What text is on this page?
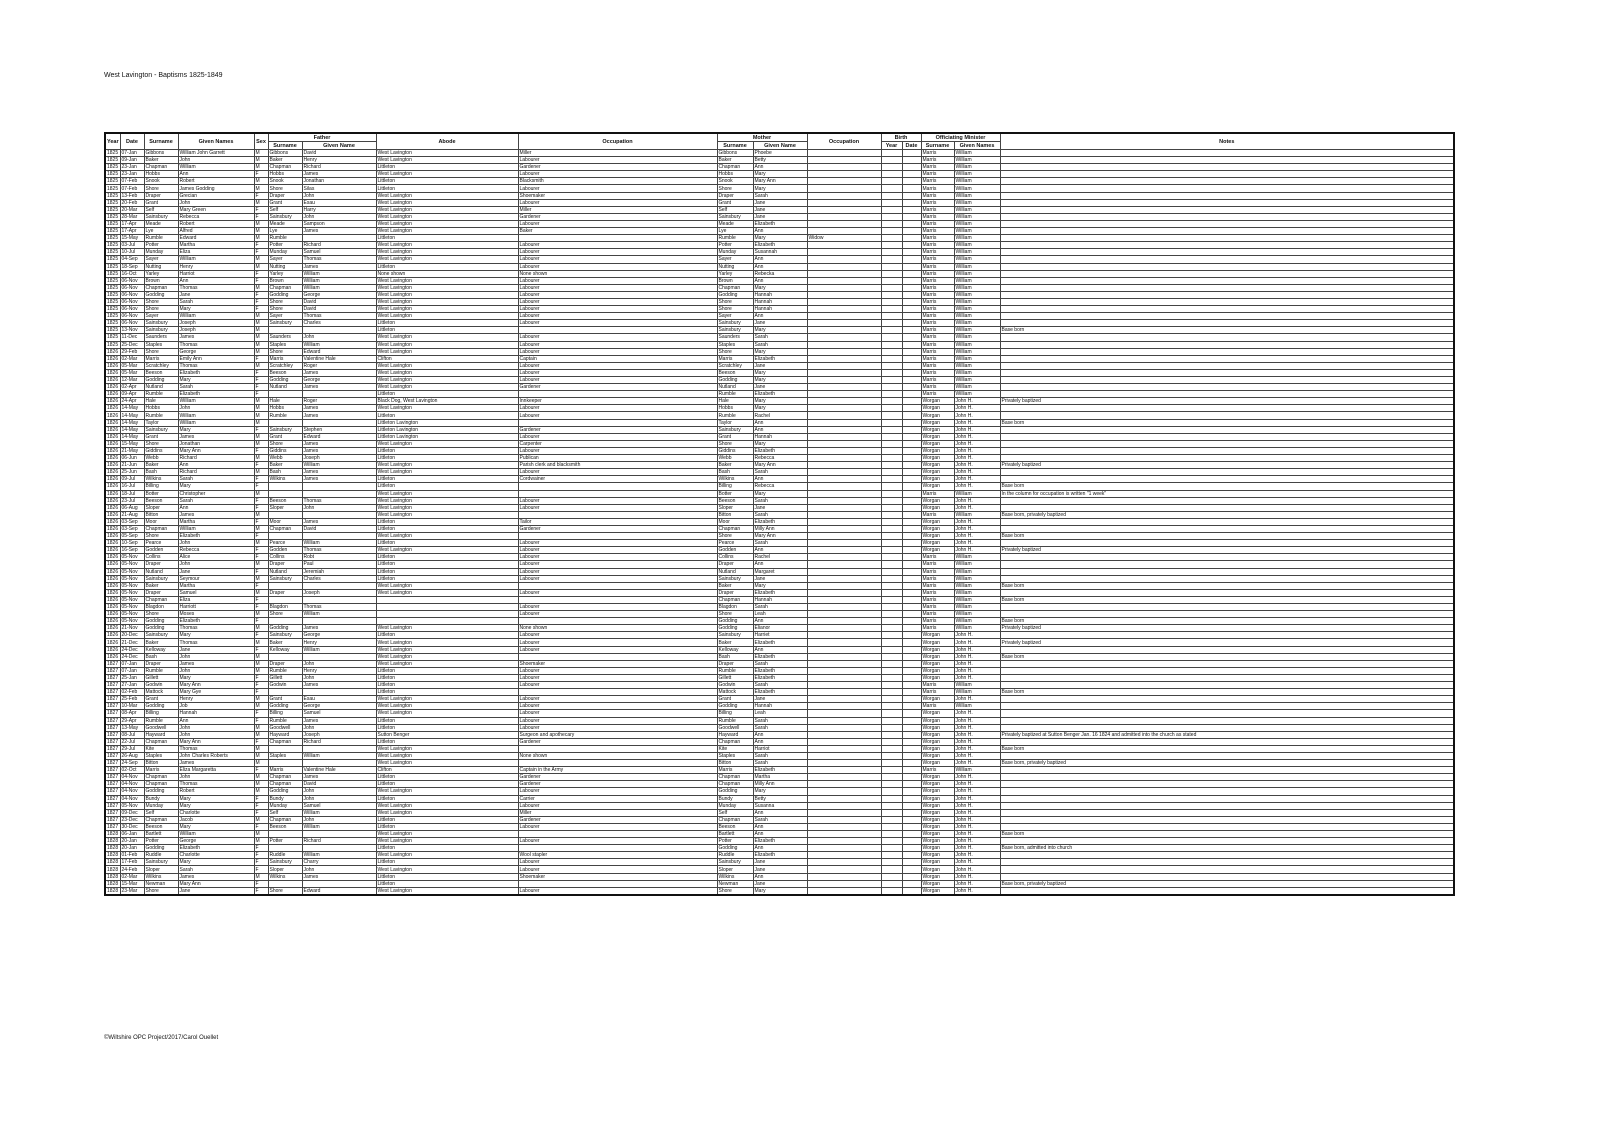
West Lavington - Baptisms 1825-1849
Year	Date	Surname	Given Names	Sex	Father		Abode	Occupation	Mother		Occupation	Birth		Officiating Minister		Notes
					Surname	Given Name			Surname	Given Name		Year	Date	Surname	Given Names	
1825	07-Jan	Gibbons	William John Garrett	M	Gibbons	David	West Lavington	Miller	Gibbons	Phoebe				Marris	William	
1825	09-Jan	Baker	John	M	Baker	Henry	West Lavington	Labourer	Baker	Betty				Marris	William	
1825	23-Jan	Chapman	William	M	Chapman	Richard	Littleton	Gardener	Chapman	Ann				Marris	William	
1825	23-Jan	Hobbs	Ann	F	Hobbs	James	West Lavington	Labourer	Hobbs	Mary				Marris	William	
1825	07-Feb	Snook	Robert	M	Snook	Jonathan	Littleton	Blacksmith	Snook	Mary Ann				Marris	William	
1825	07-Feb	Shore	James Godding	M	Shore	Silas	Littleton	Labourer	Shore	Mary				Marris	William	
1825	13-Feb	Draper	Grecian	F	Draper	John	West Lavington	Shoemaker	Draper	Sarah				Marris	William	
1825	20-Feb	Grant	John	M	Grant	Esau	West Lavington	Labourer	Grant	Jane				Marris	William	
1825	20-Mar	Self	Mary Green	F	Self	Harry	West Lavington	Miller	Self	Jane				Marris	William	
1825	28-Mar	Sainsbury	Rebecca	F	Sainsbury	John	West Lavington	Gardener	Sainsbury	Jane				Marris	William	
1825	17-Apr	Meade	Robert	M	Meade	Sampson	West Lavington	Labourer	Meade	Elizabeth				Marris	William	
1825	17-Apr	Lye	Alfred	M	Lye	James	West Lavington	Baker	Lye	Ann				Marris	William	
1825	15-May	Rumble	Edward	M	Rumble		Littleton		Rumble	Mary	Widow			Marris	William	
1825	03-Jul	Potter	Martha	F	Potter	Richard	West Lavington	Labourer	Potter	Elizabeth				Marris	William	
1825	10-Jul	Munday	Eliza	F	Munday	Samuel	West Lavington	Labourer	Munday	Susannah				Marris	William	
1825	04-Sep	Sayer	William	M	Sayer	Thomas	West Lavington	Labourer	Sayer	Ann				Marris	William	
1825	18-Sep	Nutting	Henry	M	Nutting	James	Littleton	Labourer	Nutting	Ann				Marris	William	
1825	16-Oct	Yarley	Harriot	F	Yarley	William	None shown	None shown	Yarley	Rebecka				Marris	William	
1825	06-Nov	Brown	Ann	F	Brown	William	West Lavington	Labourer	Brown	Ann				Marris	William	
1825	06-Nov	Chapman	Thomas	M	Chapman	William	West Lavington	Labourer	Chapman	Mary				Marris	William	
1825	06-Nov	Godding	Jane	F	Godding	George	West Lavington	Labourer	Godding	Hannah				Marris	William	
1825	06-Nov	Shore	Sarah	F	Shore	David	West Lavington	Labourer	Shore	Hannah				Marris	William	
1825	06-Nov	Shore	Mary	F	Shore	David	West Lavington	Labourer	Shore	Hannah				Marris	William	
1825	06-Nov	Sayer	William	M	Sayer	Thomas	West Lavington	Labourer	Sayer	Ann				Marris	William	
1825	06-Nov	Sainsbury	Joseph	M	Sainsbury	Charles	Littleton	Labourer	Sainsbury	Jane				Marris	William	
1825	13-Nov	Sainsbury	Joseph	M			Littleton		Sainsbury	Mary				Marris	William	Base born
1825	11-Dec	Saunders	James	M	Saunders	John	West Lavington	Labourer	Saunders	Sarah				Marris	William	
1825	25-Dec	Staples	Thomas	M	Staples	William	West Lavington	Labourer	Staples	Sarah				Marris	William	
1826	29-Feb	Shore	George	M	Shore	Edward	West Lavington	Labourer	Shore	Mary				Marris	William	
1826	02-Mar	Marris	Emily Ann	F	Marris	Valentine Hale	Clifton	Captain	Marris	Elizabeth				Marris	William	
1826	05-Mar	Scratchley	Thomas	M	Scratchley	Roger	West Lavington	Labourer	Scratchley	Jane				Marris	William	
1826	05-Mar	Beeson	Elizabeth	F	Beeson	James	West Lavington	Labourer	Beeson	Mary				Marris	William	
1826	12-Mar	Godding	Mary	F	Godding	George	West Lavington	Labourer	Godding	Mary				Marris	William	
1826	02-Apr	Nutland	Sarah	F	Nutland	James	West Lavington	Gardener	Nutland	Jane				Marris	William	
1826	09-Apr	Rumble	Elizabeth	F			Littleton		Rumble	Elizabeth				Marris	William	
1826	24-Apr	Hale	William	M	Hale	Roger	Black Dog, West Lavington	Innkeeper	Hale	Mary				Worgan	John H.	Privately baptized
1826	14-May	Hobbs	John	M	Hobbs	James	West Lavington	Labourer	Hobbs	Mary				Worgan	John H.	
1826	14-May	Rumble	William	M	Rumble	James	Littleton	Labourer	Rumble	Rachel				Worgan	John H.	
1826	14-May	Taylor	William	M			Littleton Lavington		Taylor	Ann				Worgan	John H.	Base born
1826	14-May	Sainsbury	Mary	F	Sainsbury	Stephen	Littleton Lavington	Gardener	Sainsbury	Ann				Worgan	John H.	
1826	14-May	Grant	James	M	Grant	Edward	Littleton Lavington	Labourer	Grant	Hannah				Worgan	John H.	
1826	15-May	Shore	Jonathan	M	Shore	James	West Lavington	Carpenter	Shore	Mary				Worgan	John H.	
1826	21-May	Giddins	Mary Ann	F	Giddins	James	Littleton	Labourer	Giddins	Elizabeth				Worgan	John H.	
1826	06-Jun	Webb	Richard	M	Webb	Joseph	Littleton	Publican	Webb	Rebecca				Worgan	John H.	
1826	21-Jun	Baker	Ann	F	Baker	William	West Lavington	Parish clerk and blacksmith	Baker	Mary Ann				Worgan	John H.	Privately baptized
1826	25-Jun	Bash	Richard	M	Bash	James	West Lavington	Labourer	Bash	Sarah				Worgan	John H.	
1826	09-Jul	Wilkins	Sarah	F	Wilkins	James	Littleton	Cordwainer	Wilkins	Ann				Worgan	John H.	
1826	16-Jul	Billing	Mary	F			Littleton		Billing	Rebecca				Worgan	John H.	Base born
1826	18-Jul	Botter	Christopher	M			West Lavington		Botter	Mary				Marris	William	In the column for occupation is written "1 week"
1826	23-Jul	Beeson	Sarah	F	Beeson	Thomas	West Lavington	Labourer	Beeson	Sarah				Worgan	John H.	
1826	06-Aug	Sloper	Ann	F	Sloper	John	West Lavington	Labourer	Sloper	Jane				Worgan	John H.	
1826	21-Aug	Bitton	James	M			West Lavington		Bitton	Sarah				Marris	William	Base born, privately baptized
1826	03-Sep	Moor	Martha	F	Moor	James	Littleton	Tailor	Moor	Elizabeth				Worgan	John H.	
1826	03-Sep	Chapman	William	M	Chapman	David	Littleton	Gardener	Chapman	Milly Ann				Worgan	John H.	
1826	05-Sep	Shore	Elizabeth	F			West Lavington		Shore	Mary Ann				Worgan	John H.	Base born
1826	10-Sep	Pearce	John	M	Pearce	William	Littleton	Labourer	Pearce	Sarah				Worgan	John H.	
1826	16-Sep	Godden	Rebecca	F	Godden	Thomas	West Lavington	Labourer	Godden	Ann				Worgan	John H.	Privately baptized
1826	05-Nov	Collins	Alice	F	Collins	Robt	Littleton	Labourer	Collins	Rachel				Marris	William	
1826	05-Nov	Draper	John	M	Draper	Paul	Littleton	Labourer	Draper	Ann				Marris	William	
1826	05-Nov	Nutland	Jane	F	Nutland	Jeremiah	Littleton	Labourer	Nutland	Margaret				Marris	William	
1826	05-Nov	Sainsbury	Seymour	M	Sainsbury	Charles	Littleton	Labourer	Sainsbury	Jane				Marris	William	
1826	05-Nov	Baker	Martha	F			West Lavington		Baker	Mary				Marris	William	Base born
1826	05-Nov	Draper	Samuel	M	Draper	Joseph	West Lavington	Labourer	Draper	Elizabeth				Marris	William	
1826	05-Nov	Chapman	Eliza	F					Chapman	Hannah				Marris	William	Base born
1826	05-Nov	Blagdon	Harriott	F	Blagdon	Thomas		Labourer	Blagdon	Sarah				Marris	William	
1826	05-Nov	Shore	Moses	M	Shore	William		Labourer	Shore	Leah				Marris	William	
1826	05-Nov	Godding	Elizabeth	F					Godding	Ann				Marris	William	Base born
1826	21-Nov	Godding	Thomas	M	Godding	James	West Lavington	None shown	Godding	Elianor				Marris	William	Privately baptized
1826	20-Dec	Sainsbury	Mary	F	Sainsbury	George	Littleton	Labourer	Sainsbury	Harriet				Worgan	John H.	
1826	21-Dec	Baker	Thomas	M	Baker	Henry	West Lavington	Labourer	Baker	Elizabeth				Worgan	John H.	Privately baptized
1826	24-Dec	Kelloway	Jane	F	Kelloway	William	West Lavington	Labourer	Kelloway	Ann				Worgan	John H.	
1826	24-Dec	Bash	John	M			West Lavington		Bash	Elizabeth				Worgan	John H.	Base born
1827	07-Jan	Draper	James	M	Draper	John	West Lavington	Shoemaker	Draper	Sarah				Worgan	John H.	
1827	07-Jan	Rumble	John	M	Rumble	Henry	Littleton	Labourer	Rumble	Elizabeth				Worgan	John H.	
1827	25-Jan	Gillett	Mary	F	Gillett	John	Littleton	Labourer	Gillett	Elizabeth				Worgan	John H.	
1827	27-Jan	Godwin	Mary Ann	F	Godwin	James	Littleton	Labourer	Godwin	Sarah				Marris	William	
1827	02-Feb	Mattock	Mary Gye	F			Littleton		Mattock	Elizabeth				Marris	William	Base born
1827	25-Feb	Grant	Henry	M	Grant	Esau	West Lavington	Labourer	Grant	Jane				Worgan	John H.	
1827	10-Mar	Godding	Job	M	Godding	George	West Lavington	Labourer	Godding	Hannah				Marris	William	
1827	08-Apr	Billing	Hannah	F	Billing	Samuel	West Lavington	Labourer	Billing	Leah				Worgan	John H.	
1827	29-Apr	Rumble	Ann	F	Rumble	James	Littleton	Labourer	Rumble	Sarah				Worgan	John H.	
1827	13-May	Goodwell	John	M	Goodwell	John	Littleton	Labourer	Goodwell	Sarah				Worgan	John H.	
1827	08-Jul	Hayward	John	M	Hayward	Joseph	Sutton Benger	Surgeon and apothecary	Hayward	Ann				Worgan	John H.	Privately baptized at Sutton Benger Jan. 16 1824 and admitted into the church as stated
1827	22-Jul	Chapman	Mary Ann	F	Chapman	Richard	Littleton	Gardener	Chapman	Ann				Worgan	John H.	
1827	29-Jul	Kite	Thomas	M			West Lavington		Kite	Harriot				Worgan	John H.	Base born
1827	26-Aug	Staples	John Charles Roberts	M	Staples	William	West Lavington	None shown	Staples	Sarah				Worgan	John H.	
1827	24-Sep	Bitton	James	M			West Lavington		Bitton	Sarah				Worgan	John H.	Base born, privately baptized
1827	02-Oct	Marris	Eliza Margaretta	F	Marris	Valentine Hale	Clifton	Captain in the Army	Marris	Elizabeth				Marris	William	
1827	04-Nov	Chapman	John	M	Chapman	James	Littleton	Gardener	Chapman	Martha				Worgan	John H.	
1827	04-Nov	Chapman	Thomas	M	Chapman	David	Littleton	Gardener	Chapman	Milly Ann				Worgan	John H.	
1827	04-Nov	Godding	Robert	M	Godding	John	West Lavington	Labourer	Godding	Mary				Worgan	John H.	
1827	04-Nov	Bundy	Mary	F	Bundy	John	Littleton	Carrier	Bundy	Betty				Worgan	John H.	
1827	05-Nov	Munday	Mary	F	Munday	Samuel	West Lavington	Labourer	Munday	Susanna				Worgan	John H.	
1827	09-Dec	Self	Charlotte	F	Self	William	West Lavington	Miller	Self	Ann				Worgan	John H.	
1827	23-Dec	Chapman	Jacob	M	Chapman	John	Littleton	Gardener	Chapman	Sarah				Worgan	John H.	
1827	30-Dec	Beeson	Mary	F	Beeson	William	Littleton	Labourer	Beeson	Ann				Worgan	John H.	
1828	06-Jan	Bartlett	William	M			West Lavington		Bartlett	Ann				Worgan	John H.	Base born
1828	20-Jan	Potter	George	M	Potter	Richard	West Lavington	Labourer	Potter	Elizabeth				Worgan	John H.	
1828	20-Jan	Godding	Elizabeth	F			Littleton		Godding	Ann				Worgan	John H.	Base born, admitted into church
1828	01-Feb	Ruddle	Charlotte	F	Ruddle	William	West Lavington	Wool stapler	Ruddle	Elizabeth				Worgan	John H.	
1828	17-Feb	Sainsbury	Mary	F	Sainsbury	Charry	Littleton	Labourer	Sainsbury	Jane				Worgan	John H.	
1828	24-Feb	Sloper	Sarah	F	Sloper	John	West Lavington	Labourer	Sloper	Jane				Worgan	John H.	
1828	02-Mar	Wilkins	James	M	Wilkins	James	Littleton	Shoemaker	Wilkins	Ann				Worgan	John H.	
1828	15-Mar	Newman	Mary Ann	F			Littleton		Newman	Jane				Worgan	John H.	Base born, privately baptized
1828	23-Mar	Shore	Jane	F	Shore	Edward	West Lavington	Labourer	Shore	Mary				Worgan	John H.	
©Wiltshire OPC Project/2017/Carol Ouellet
